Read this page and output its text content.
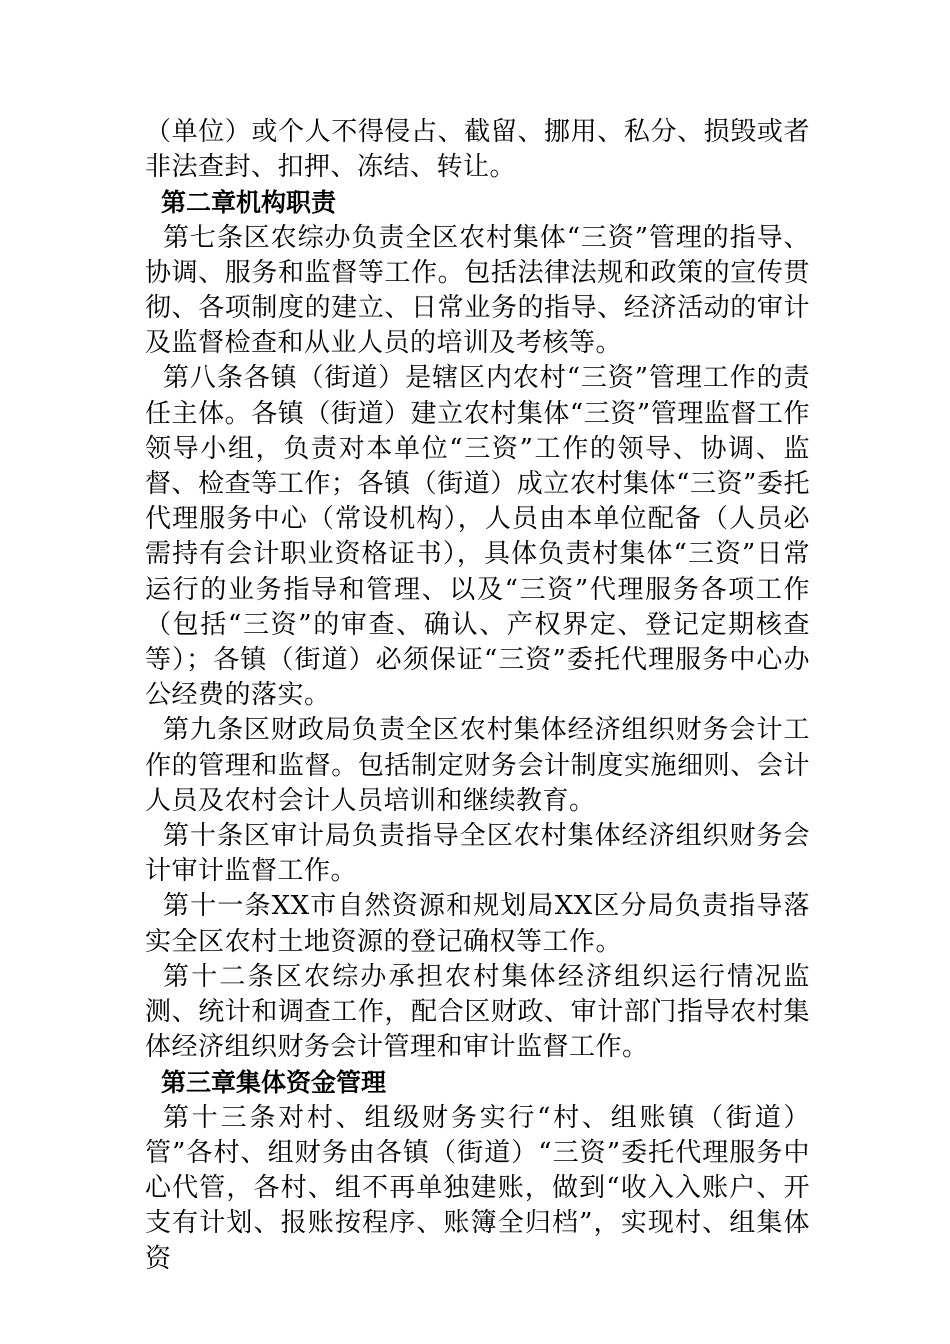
（单位）或个人不得侵占、截留、挪用、私分、损毁或者非法查封、扣押、冻结、转让。

第二章机构职责

第七条区农综办负责全区农村集体“三资”管理的指导、协调、服务和监督等工作。包括法律法规和政策的宣传贯彻、各项制度的建立、日常业务的指导、经济活动的审计及监督检查和从业人员的培训及考核等。

第八条各镇（街道）是辖区内农村“三资”管理工作的责任主体。各镇（街道）建立农村集体“三资”管理监督工作领导小组，负责对本单位“三资”工作的领导、协调、监督、检查等工作；各镇（街道）成立农村集体“三资”委托代理服务中心（常设机构），人员由本单位配备（人员必需持有会计职业资格证书），具体负责村集体“三资”日常运行的业务指导和管理、以及“三资”代理服务各项工作（包括“三资”的审查、确认、产权界定、登记定期核查等）；各镇（街道）必须保证“三资”委托代理服务中心办公经费的落实。

第九条区财政局负责全区农村集体经济组织财务会计工作的管理和监督。包括制定财务会计制度实施细则、会计人员及农村会计人员培训和继续教育。

第十条区审计局负责指导全区农村集体经济组织财务会计审计监督工作。

第十一条XX市自然资源和规划局XX区分局负责指导落实全区农村土地资源的登记确权等工作。

第十二条区农综办承担农村集体经济组织运行情况监测、统计和调查工作，配合区财政、审计部门指导农村集体经济组织财务会计管理和审计监督工作。

第三章集体资金管理

第十三条对村、组级财务实行“村、组账镇（街道）管”各村、组财务由各镇（街道）“三资”委托代理服务中心代管，各村、组不再单独建账，做到“收入入账户、开支有计划、报账按程序、账簿全归档”，实现村、组集体资
